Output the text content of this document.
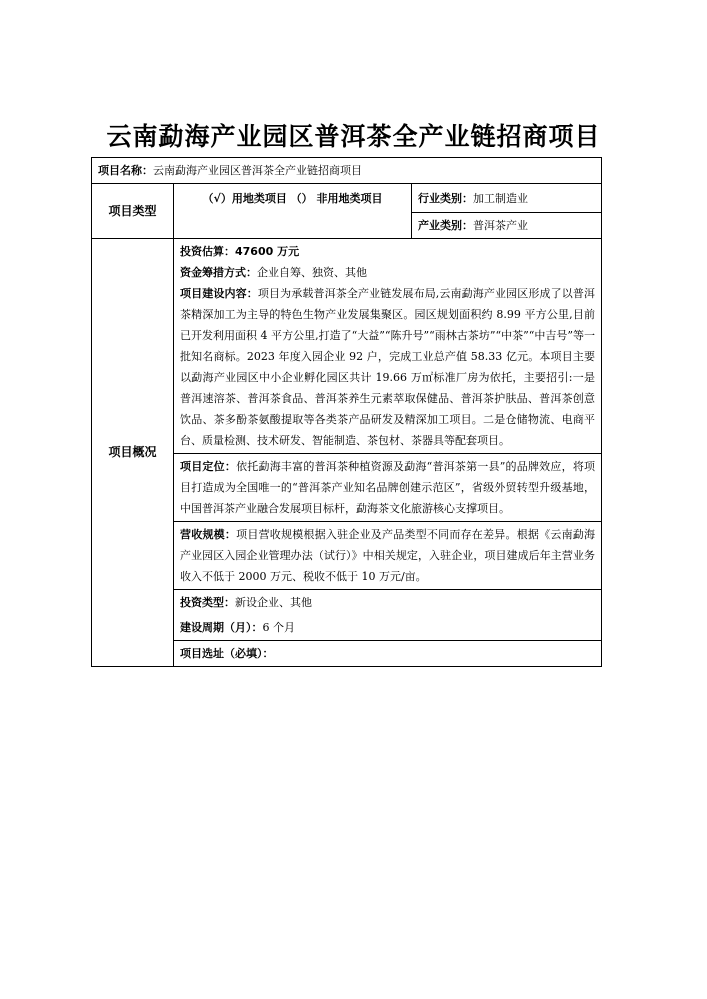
云南勐海产业园区普洱茶全产业链招商项目
项目名称：云南勐海产业园区普洱茶全产业链招商项目		
项目类型	（√）用地类项目 （） 非用地类项目	行业类别：加工制造业
		产业类别：普洱茶产业
项目概况	投资估算：47600 万元	

	资金筹措方式：企业自筹、独资、其他
项目建设内容：项目为承载普洱茶全产业链发展布局,云南勐海产业园区形成了以普洱茶精深加工为主导的特色生物产业发展集聚区。园区规划面积约 8.99 平方公里,目前已开发利用面积 4 平方公里,打造了“大益”“陈升号”“雨林古茶坊”“中茶”“中吉号”等一批知名商标。2023 年度入园企业 92 户，完成工业总产值 58.33 亿元。本项目主要以勐海产业园区中小企业孵化园区共计 19.66 万㎡标准厂房为依托，主要招引:一是普洱速溶茶、普洱茶食品、普洱茶养生元素萃取保健品、普洱茶护肤品、普洱茶创意饮品、茶多酚茶氨酸提取等各类茶产品研发及精深加工项目。二是仓储物流、电商平台、质量检测、技术研发、智能制造、茶包材、茶器具等配套项目。	

	项目定位：依托勐海丰富的普洱茶种植资源及勐海“普洱茶第一县”的品牌效应，将项目打造成为全国唯一的“普洱茶产业知名品牌创建示范区”，省级外贸转型升级基地，中国普洱茶产业融合发展项目标杆，勐海茶文化旅游核心支撑项目。	
	营收规模：项目营收规模根据入驻企业及产品类型不同而存在差异。根据《云南勐海产业园区入园企业管理办法（试行）》中相关规定，入驻企业，项目建成后年主营业务收入不低于 2000 万元、税收不低于 10 万元/亩。	
	投资类型：新设企业、其他	
	建设周期（月）：6 个月	
	项目选址（必填）：	
